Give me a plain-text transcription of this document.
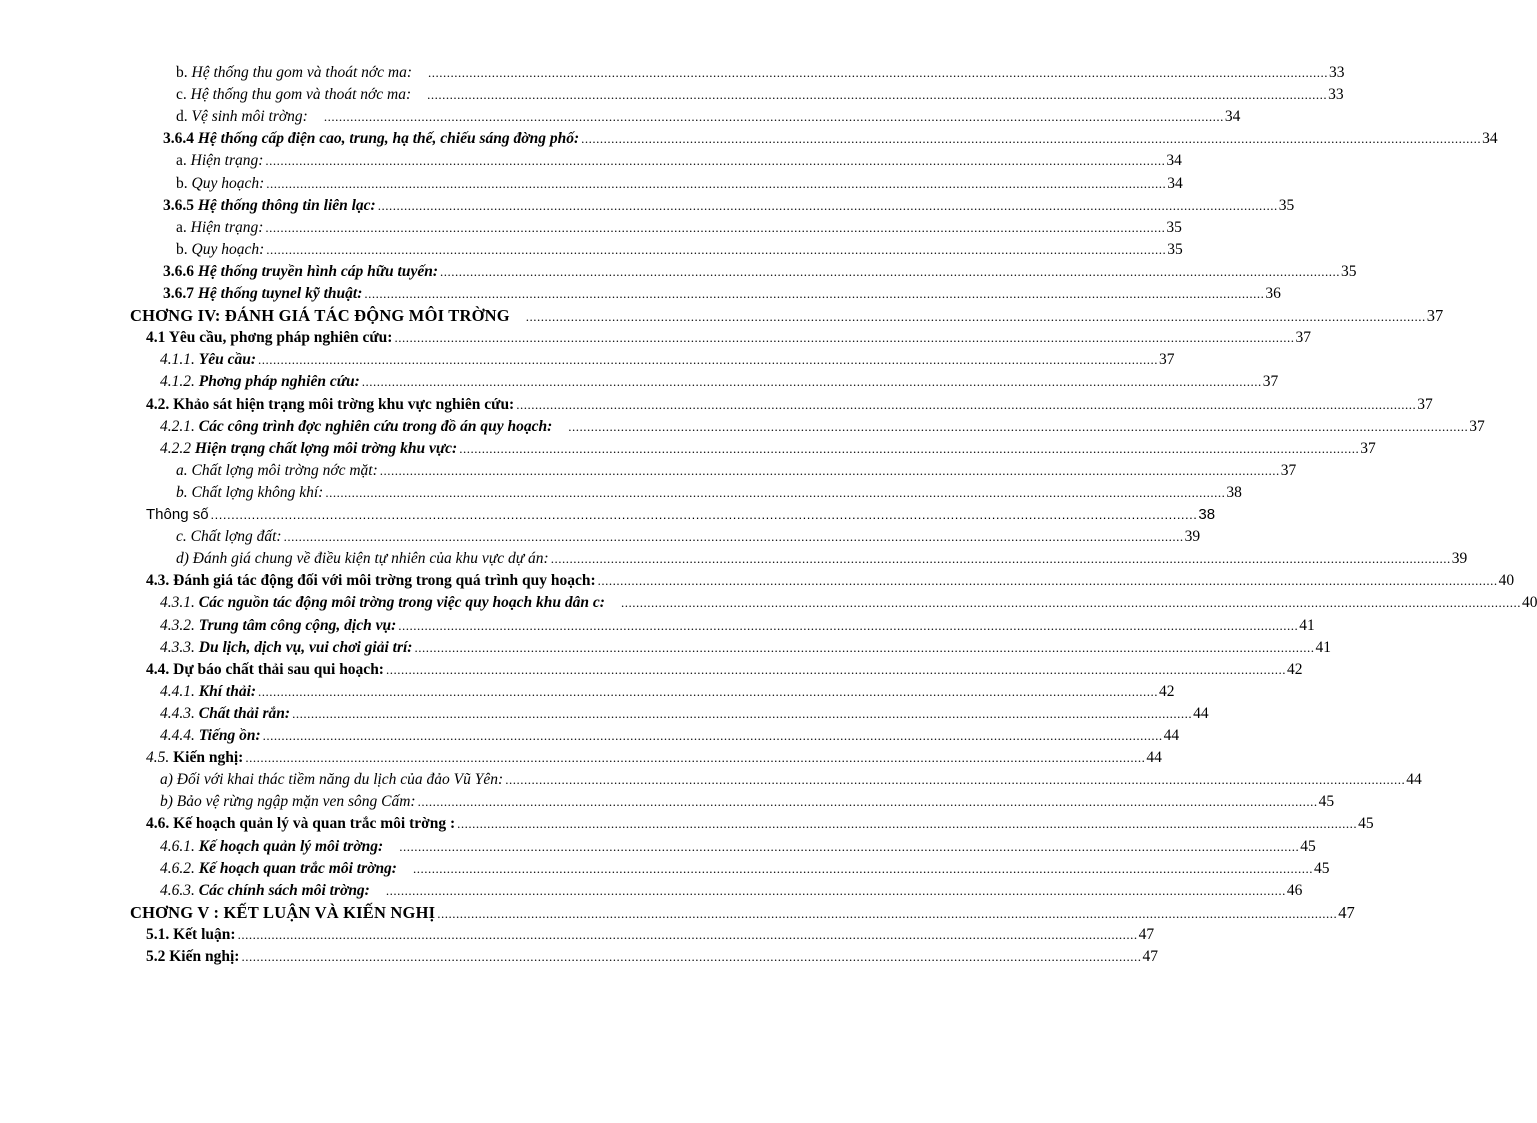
b. Hệ thống thu gom và thoát nớc ma: .....	33
c. Hệ thống thu gom và thoát nớc ma: .....	33
d. Vệ sinh môi trờng: .....	34
3.6.4 Hệ thống cấp điện cao, trung, hạ thế, chiếu sáng đờng phố: .....	34
a. Hiện trạng: .....	34
b. Quy hoạch: .....	34
3.6.5 Hệ thống thông tin liên lạc: .....	35
a. Hiện trạng: .....	35
b. Quy hoạch: .....	35
3.6.6 Hệ thống truyền hình cáp hữu tuyến: .....	35
3.6.7 Hệ thống tuynel kỹ thuật: .....	36
CHƠNG IV: ĐÁNH GIÁ TÁC ĐỘNG MÔI TRỜNG .....	37
4.1 Yêu cầu, phơng pháp nghiên cứu: .....	37
4.1.1. Yêu cầu: .....	37
4.1.2. Phơng pháp nghiên cứu: .....	37
4.2. Khảo sát hiện trạng môi trờng khu vực nghiên cứu: .....	37
4.2.1. Các công trình đợc nghiên cứu trong đồ án quy hoạch: .....	37
4.2.2 Hiện trạng chất lợng môi trờng khu vực: .....	37
a. Chất lợng môi trờng nớc mặt: .....	37
b. Chất lợng không khí: .....	38
Thông số .....	38
c. Chất lợng đất: .....	39
d) Đánh giá chung về điều kiện tự nhiên của khu vực dự án: .....	39
4.3. Đánh giá tác động đối với môi trờng trong quá trình quy hoạch: .....	40
4.3.1. Các nguồn tác động môi trờng trong việc quy hoạch khu dân c: .....	40
4.3.2. Trung tâm công cộng, dịch vụ: .....	41
4.3.3. Du lịch, dịch vụ, vui chơi giải trí: .....	41
4.4. Dự báo chất thải sau qui hoạch: .....	42
4.4.1. Khí thải: .....	42
4.4.3. Chất thải rắn: .....	44
4.4.4. Tiếng ồn: .....	44
4.5. Kiến nghị: .....	44
a) Đối với khai thác tiềm năng du lịch của đảo Vũ Yên: .....	44
b) Bảo vệ rừng ngập mặn ven sông Cấm: .....	45
4.6. Kế hoạch quản lý và quan trắc môi trờng : .....	45
4.6.1. Kế hoạch quản lý môi trờng: .....	45
4.6.2. Kế hoạch quan trắc môi trờng: .....	45
4.6.3. Các chính sách môi trờng: .....	46
CHƠNG V : KẾT LUẬN VÀ KIẾN NGHỊ .....	47
5.1. Kết luận: .....	47
5.2 Kiến nghị: .....	47
